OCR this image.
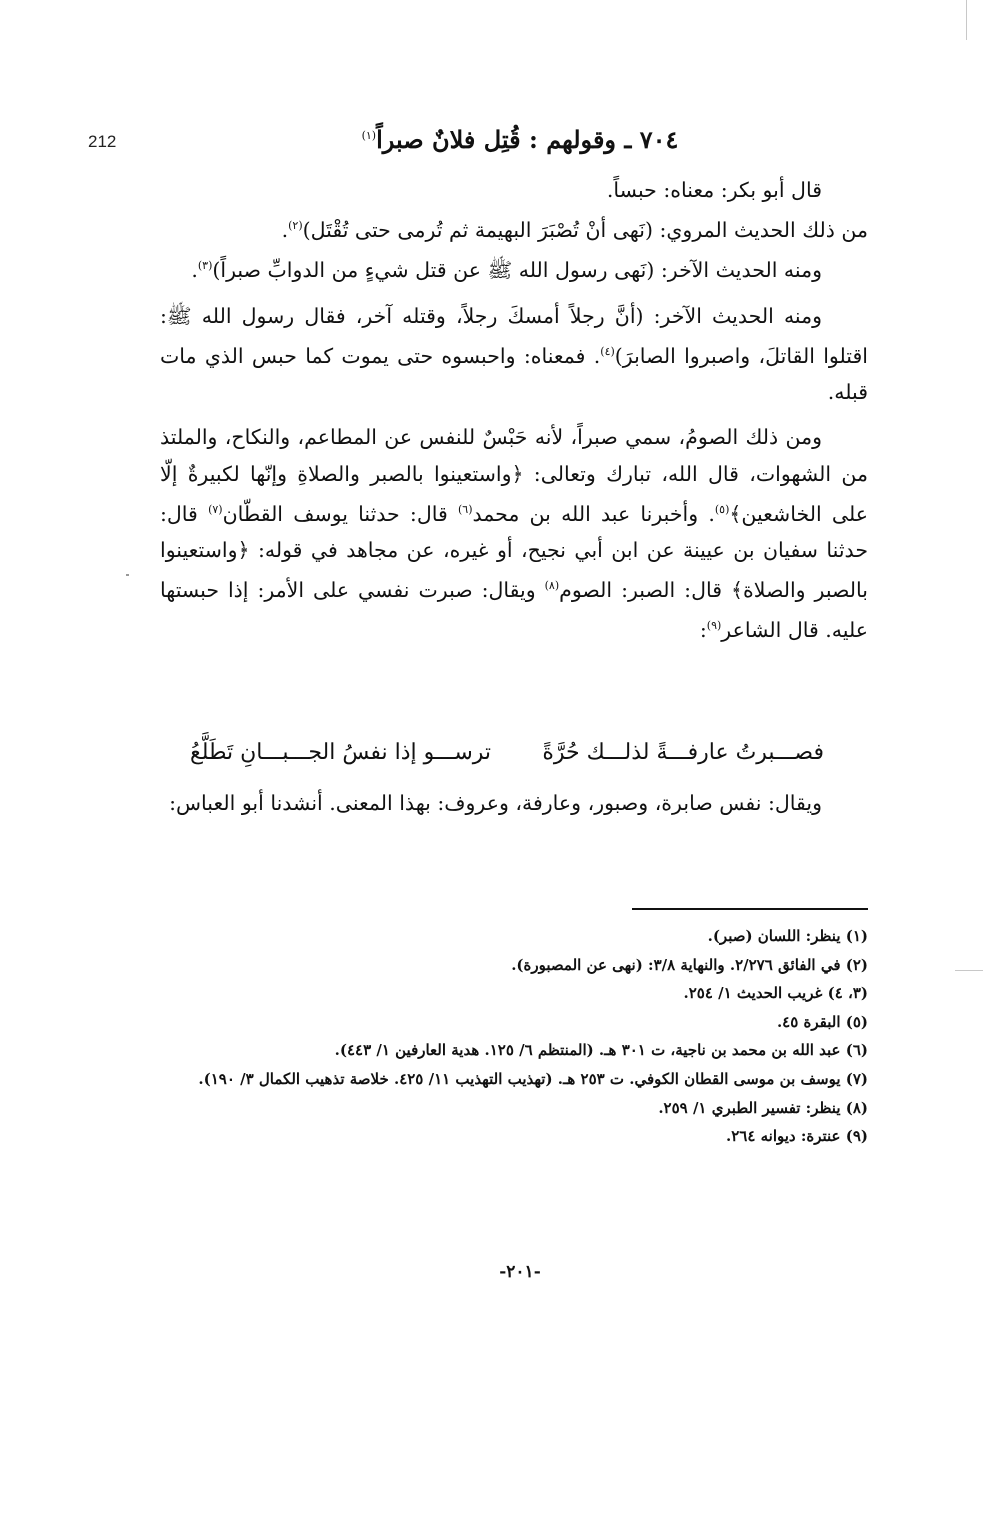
212	٧٠٤ ـ وقولهم : قُتِل فلانٌ صبراً$^{(١)}$

قال أبو بكر: معناه: حبساً.

من ذلك الحديث المروي: (نَهى أنْ تُصْبَرَ البهيمة ثم تُرمى حتى تُقْتَل)$^{(٢)}$.

ومنه الحديث الآخر: (نَهى رسول الله ﷺ عن قتل شيءٍ من الدوابِّ صبراً)$^{(٣)}$.

ومنه الحديث الآخر: (أنَّ رجلاً أمسكَ رجلاً، وقتله آخر، فقال رسول الله ﷺ: اقتلوا القاتلَ، واصبروا الصابرَ)$^{(٤)}$. فمعناه: واحبسوه حتى يموت كما حبس الذي مات قبله.

ومن ذلك الصومُ، سمي صبراً، لأنه حَبْسٌ للنفس عن المطاعم، والنكاح، والملتذ من الشهوات، قال الله، تبارك وتعالى: ﴿واستعينوا بالصبر والصلاةِ وإنّها لكبيرةٌ إلّا على الخاشعين﴾$^{(٥)}$. وأخبرنا عبد الله بن محمد$^{(٦)}$ قال: حدثنا يوسف القطّان$^{(٧)}$ قال: حدثنا سفيان بن عيينة عن ابن أبي نجيح، أو غيره، عن مجاهد في قوله: ﴿واستعينوا بالصبر والصلاة﴾ قال: الصبر: الصوم$^{(٨)}$ ويقال: صبرت نفسي على الأمر: إذا حبستها عليه. قال الشاعر$^{(٩)}$:

فصـــبرتُ عارفـــةً لذلـــك حُرَّةً
ترســـو إذا نفسُ الجـــبـــانِ تَطَلَّعُ

ويقال: نفس صابرة، وصبور، وعارفة، وعروف: بهذا المعنى. أنشدنا أبو العباس:

(١) ينظر: اللسان (صبر).

(٢) في الفائق ٢/٢٧٦. والنهاية ٣/٨: (نهى عن المصبورة).

(٣، ٤) غريب الحديث ١/ ٢٥٤.

(٥) البقرة ٤٥.

(٦) عبد الله بن محمد بن ناجية، ت ٣٠١ هـ. (المنتظم ٦/ ١٢٥. هدية العارفين ١/ ٤٤٣).

(٧) يوسف بن موسى القطان الكوفي. ت ٢٥٣ هـ. (تهذيب التهذيب ١١/ ٤٢٥. خلاصة تذهيب الكمال ٣/ ١٩٠).

(٨) ينظر: تفسير الطبري ١/ ٢٥٩.

(٩) عنترة: ديوانه ٢٦٤.

-٢٠١-
